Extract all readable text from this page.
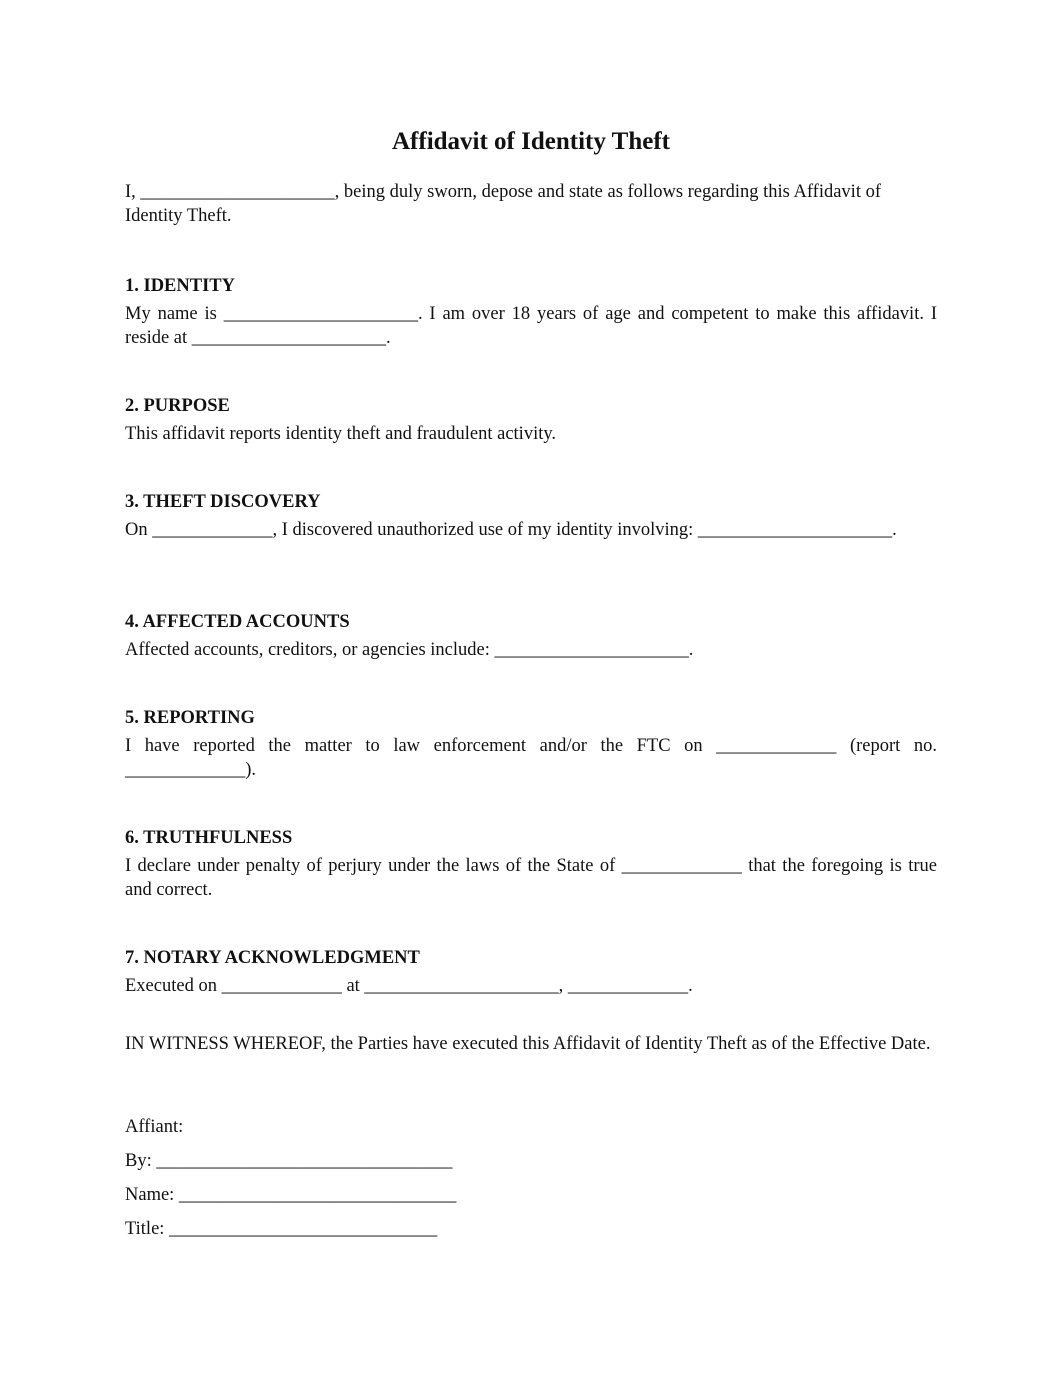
Affidavit of Identity Theft

I, _____________________, being duly sworn, depose and state as follows regarding this Affidavit of Identity Theft.

1. IDENTITY

My name is _____________________. I am over 18 years of age and competent to make this affidavit. I reside at _____________________.

2. PURPOSE

This affidavit reports identity theft and fraudulent activity.

3. THEFT DISCOVERY

On _____________, I discovered unauthorized use of my identity involving: _____________________.

4. AFFECTED ACCOUNTS

Affected accounts, creditors, or agencies include: _____________________.

5. REPORTING

I have reported the matter to law enforcement and/or the FTC on _____________ (report no. _____________).

6. TRUTHFULNESS

I declare under penalty of perjury under the laws of the State of _____________ that the foregoing is true and correct.

7. NOTARY ACKNOWLEDGMENT

Executed on _____________ at _____________________, _____________.

IN WITNESS WHEREOF, the Parties have executed this Affidavit of Identity Theft as of the Effective Date.

Affiant:

By: ________________________________

Name: ______________________________

Title: _____________________________
